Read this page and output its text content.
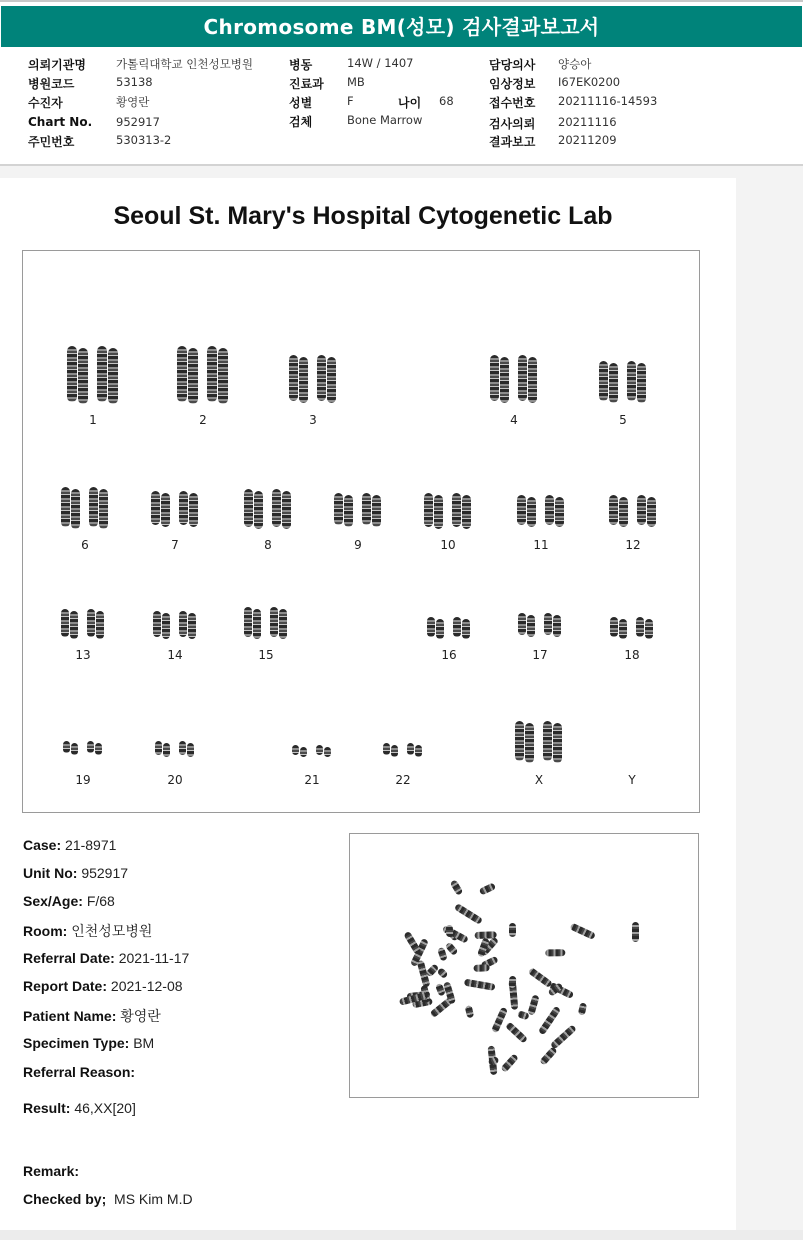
Chromosome BM(성모) 검사결과보고서
의뢰기관명	가톨릭대학교 인천성모병원
병원코드	53138
수진자	황영란
Chart No. 952917
주민번호	530313-2
병동	14W / 1407
진료과 MB
성별	F	나이 68
검체	Bone Marrow
담당의사 양승아
임상정보 I67EK0200
접수번호 20211116-14593
검사의뢰 20211116
결과보고 20211209
Seoul St. Mary's Hospital Cytogenetic Lab
1	2	3	4	5
6	7	8	9	10	11	12
13	14	15	16	17	18
19	20	21	22	X	Y
Case: 21-8971
Unit No: 952917
Sex/Age: F/68
Room: 인천성모병원
Referral Date: 2021-11-17
Report Date: 2021-12-08
Patient Name: 황영란
Specimen Type: BM
Referral Reason:
Result: 46,XX[20]
Remark:
Checked by; MS Kim M.D
